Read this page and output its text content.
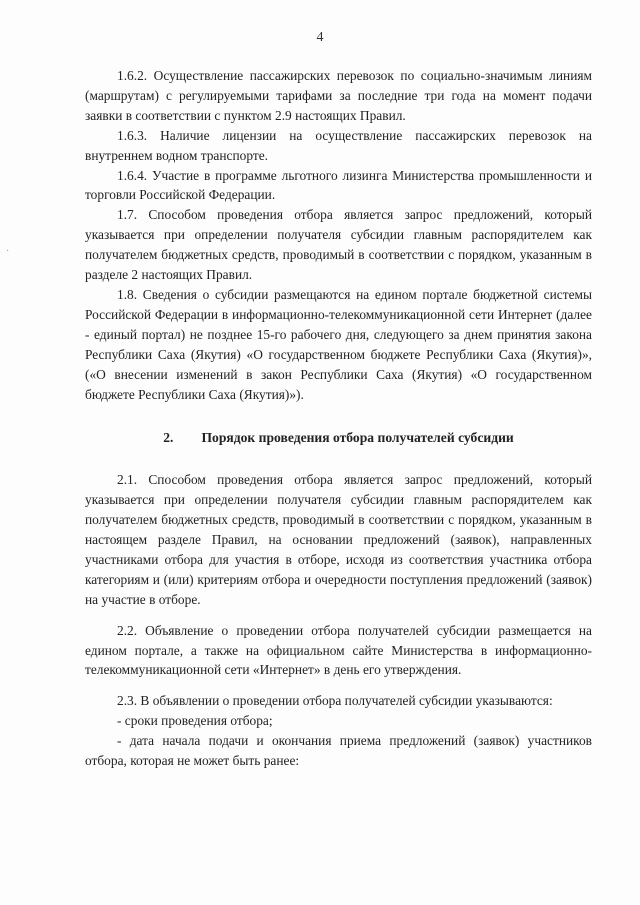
4
·

1.6.2. Осуществление пассажирских перевозок по социально-значимым линиям (маршрутам) с регулируемыми тарифами за последние три года на момент подачи заявки в соответствии с пунктом 2.9 настоящих Правил.

1.6.3. Наличие лицензии на осуществление пассажирских перевозок на внутреннем водном транспорте.

1.6.4. Участие в программе льготного лизинга Министерства промышленности и торговли Российской Федерации.

1.7. Способом проведения отбора является запрос предложений, который указывается при определении получателя субсидии главным распорядителем как получателем бюджетных средств, проводимый в соответствии с порядком, указанным в разделе 2 настоящих Правил.

1.8. Сведения о субсидии размещаются на едином портале бюджетной системы Российской Федерации в информационно-телекоммуникационной сети Интернет (далее - единый портал) не позднее 15-го рабочего дня, следующего за днем принятия закона Республики Саха (Якутия) «О государственном бюджете Республики Саха (Якутия)», («О внесении изменений в закон Республики Саха (Якутия) «О государственном бюджете Республики Саха (Якутия)»).

2. Порядок проведения отбора получателей субсидии

2.1. Способом проведения отбора является запрос предложений, который указывается при определении получателя субсидии главным распорядителем как получателем бюджетных средств, проводимый в соответствии с порядком, указанным в настоящем разделе Правил, на основании предложений (заявок), направленных участниками отбора для участия в отборе, исходя из соответствия участника отбора категориям и (или) критериям отбора и очередности поступления предложений (заявок) на участие в отборе.

2.2. Объявление о проведении отбора получателей субсидии размещается на едином портале, а также на официальном сайте Министерства в информационно-телекоммуникационной сети «Интернет» в день его утверждения.

2.3. В объявлении о проведении отбора получателей субсидии указываются:

- сроки проведения отбора;

- дата начала подачи и окончания приема предложений (заявок) участников отбора, которая не может быть ранее:
